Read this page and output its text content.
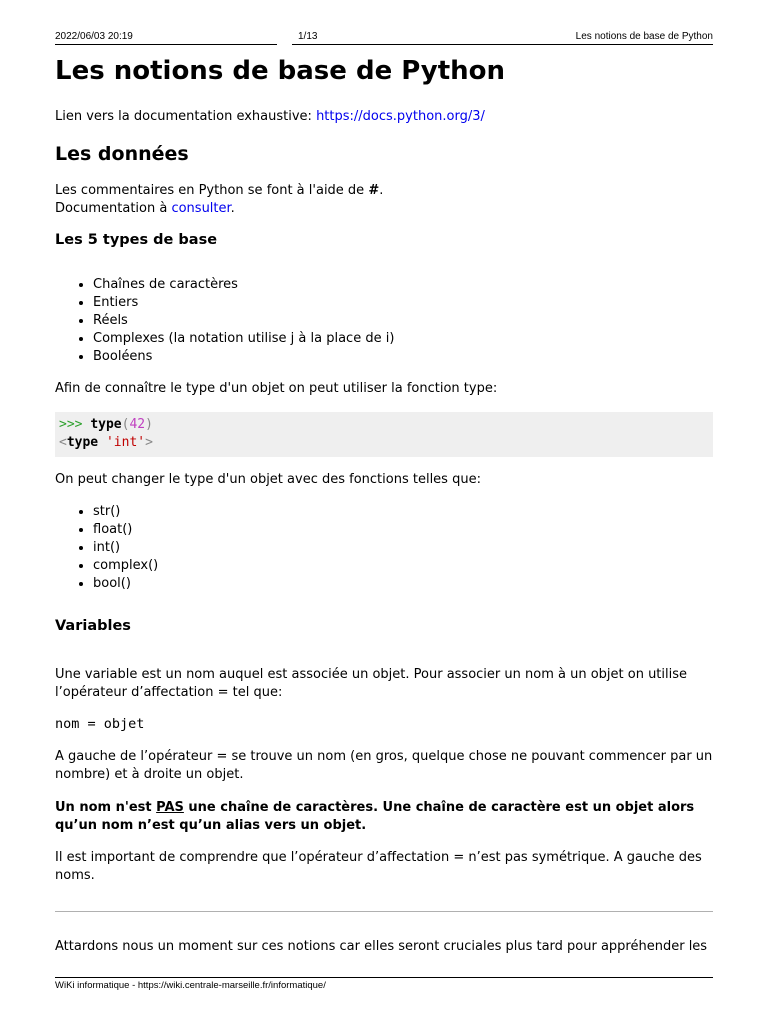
2022/06/03 20:19	1/13	Les notions de base de Python
Les notions de base de Python

Lien vers la documentation exhaustive: https://docs.python.org/3/

Les données

Les commentaires en Python se font à l'aide de #.
Documentation à consulter.

Les 5 types de base
• Chaînes de caractères
• Entiers
• Réels
• Complexes (la notation utilise j à la place de i)
• Booléens

Afin de connaître le type d'un objet on peut utiliser la fonction type:

>>> type(42)
<type 'int'>

On peut changer le type d'un objet avec des fonctions telles que:

• str()
• float()
• int()
• complex()
• bool()
Variables

Une variable est un nom auquel est associée un objet. Pour associer un nom à un objet on utilise l’opérateur d’affectation = tel que:

nom = objet

A gauche de l’opérateur = se trouve un nom (en gros, quelque chose ne pouvant commencer par un nombre) et à droite un objet.

Un nom n'est PAS une chaîne de caractères. Une chaîne de caractère est un objet alors qu’un nom n’est qu’un alias vers un objet.

Il est important de comprendre que l’opérateur d’affectation = n’est pas symétrique. A gauche des noms.

Attardons nous un moment sur ces notions car elles seront cruciales plus tard pour appréhender les

WiKi informatique - https://wiki.centrale-marseille.fr/informatique/
